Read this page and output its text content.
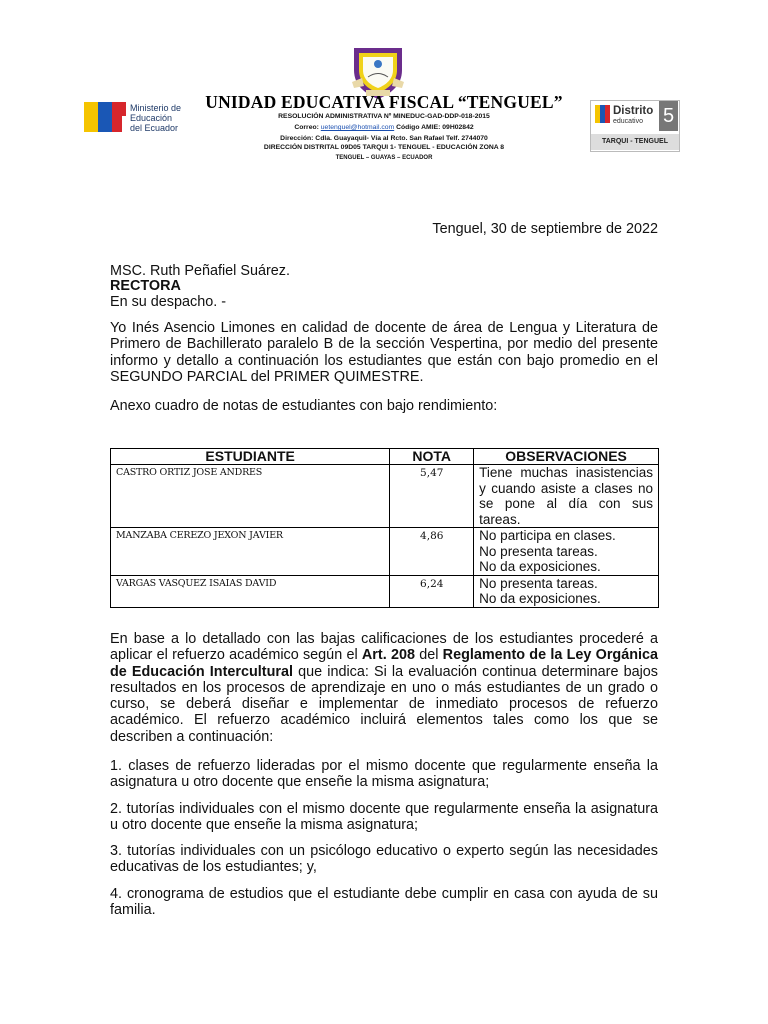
Ministerio de
Educación
del Ecuador
Distrito
educativo 5
TARQUI - TENGUEL
UNIDAD EDUCATIVA FISCAL “TENGUEL”
RESOLUCIÓN ADMINISTRATIVA Nº MINEDUC-GAD-DDP-018-2015
Correo: uetenguel@hotmail.com Código AMIE: 09H02842
Dirección: Cdla. Guayaquil- Vía al Rcto. San Rafael Telf. 2744070
DIRECCIÓN DISTRITAL 09D05 TARQUI 1- TENGUEL - EDUCACIÓN ZONA 8
TENGUEL – GUAYAS – ECUADOR
Tenguel, 30 de septiembre de 2022
MSC. Ruth Peñafiel Suárez.
RECTORA
En su despacho. -
Yo Inés Asencio Limones en calidad de docente de área de Lengua y Literatura de Primero de Bachillerato paralelo B de la sección Vespertina, por medio del presente informo y detallo a continuación los estudiantes que están con bajo promedio en el SEGUNDO PARCIAL del PRIMER QUIMESTRE.
Anexo cuadro de notas de estudiantes con bajo rendimiento:
ESTUDIANTE	NOTA	OBSERVACIONES
CASTRO ORTIZ JOSE ANDRES	5,47	Tiene muchas inasistencias y cuando asiste a clases no se pone al día con sus tareas.

MANZABA CEREZO JEXON JAVIER	4,86	No participa en clases.
No presenta tareas.
No da exposiciones.

VARGAS VASQUEZ ISAIAS DAVID	6,24	No presenta tareas.
No da exposiciones.
En base a lo detallado con las bajas calificaciones de los estudiantes procederé a aplicar el refuerzo académico según el Art. 208 del Reglamento de la Ley Orgánica de Educación Intercultural que indica: Si la evaluación continua determinare bajos resultados en los procesos de aprendizaje en uno o más estudiantes de un grado o curso, se deberá diseñar e implementar de inmediato procesos de refuerzo académico. El refuerzo académico incluirá elementos tales como los que se describen a continuación:
1. clases de refuerzo lideradas por el mismo docente que regularmente enseña la asignatura u otro docente que enseñe la misma asignatura;
2. tutorías individuales con el mismo docente que regularmente enseña la asignatura u otro docente que enseñe la misma asignatura;
3. tutorías individuales con un psicólogo educativo o experto según las necesidades educativas de los estudiantes; y,
4. cronograma de estudios que el estudiante debe cumplir en casa con ayuda de su familia.
